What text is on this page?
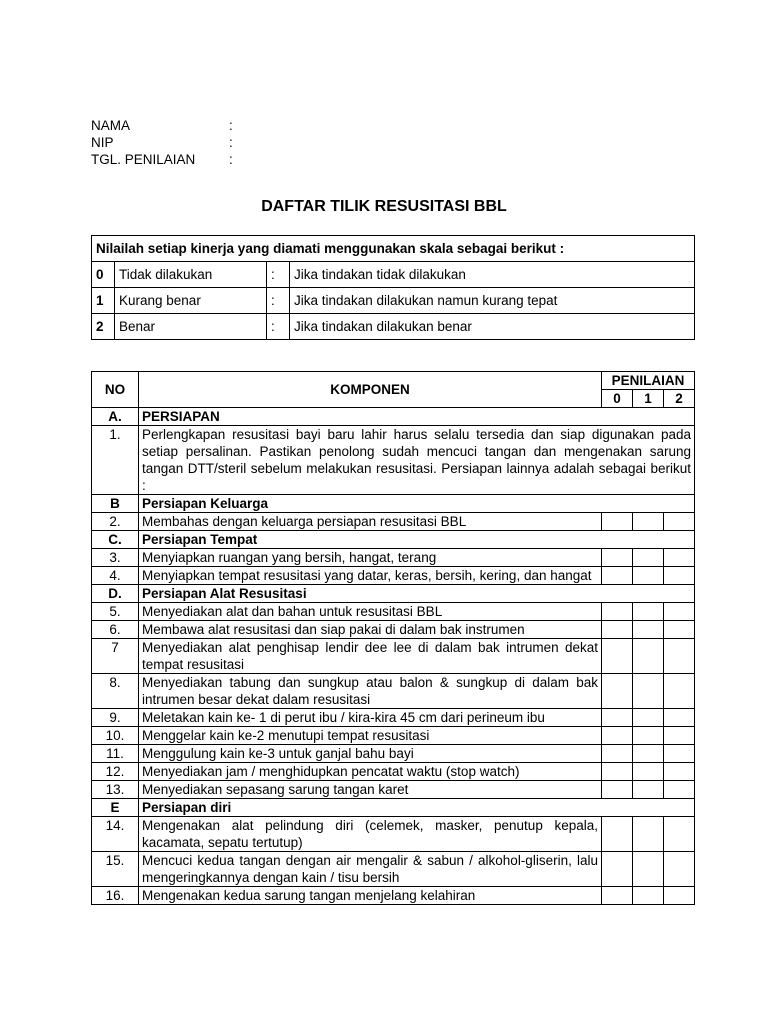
NAMA	:
NIP	:
TGL. PENILAIAN	:
DAFTAR TILIK RESUSITASI BBL
Nilailah setiap kinerja yang diamati menggunakan skala sebagai berikut :			
0	Tidak dilakukan	:	Jika tindakan tidak dilakukan
1	Kurang benar	:	Jika tindakan dilakukan namun kurang tepat
2	Benar	:	Jika tindakan dilakukan benar
NO	KOMPONEN	PENILAIAN		
		0	1	2
A.	PERSIAPAN			
1.	Perlengkapan resusitasi bayi baru lahir harus selalu tersedia dan siap digunakan pada setiap persalinan. Pastikan penolong sudah mencuci tangan dan mengenakan sarung tangan DTT/steril sebelum melakukan resusitasi. Persiapan lainnya adalah sebagai berikut :			
B	Persiapan Keluarga			
2.	Membahas dengan keluarga persiapan resusitasi BBL			
C.	Persiapan Tempat			
3.	Menyiapkan ruangan yang bersih, hangat, terang			
4.	Menyiapkan tempat resusitasi yang datar, keras, bersih, kering, dan hangat			
D.	Persiapan Alat Resusitasi			
5.	Menyediakan alat dan bahan untuk resusitasi BBL			
6.	Membawa alat resusitasi dan siap pakai di dalam bak instrumen			
7	Menyediakan alat penghisap lendir dee lee di dalam bak intrumen dekat tempat resusitasi			
8.	Menyediakan tabung dan sungkup atau balon & sungkup di dalam bak intrumen besar dekat dalam resusitasi			
9.	Meletakan kain ke- 1 di perut ibu / kira-kira 45 cm dari perineum ibu			
10.	Menggelar kain ke-2 menutupi tempat resusitasi			
11.	Menggulung kain ke-3 untuk ganjal bahu bayi			
12.	Menyediakan jam / menghidupkan pencatat waktu (stop watch)			
13.	Menyediakan sepasang sarung tangan karet			
E	Persiapan diri			
14.	Mengenakan alat pelindung diri (celemek, masker, penutup kepala, kacamata, sepatu tertutup)			
15.	Mencuci kedua tangan dengan air mengalir & sabun / alkohol-gliserin, lalu mengeringkannya dengan kain / tisu bersih			
16.	Mengenakan kedua sarung tangan menjelang kelahiran			
